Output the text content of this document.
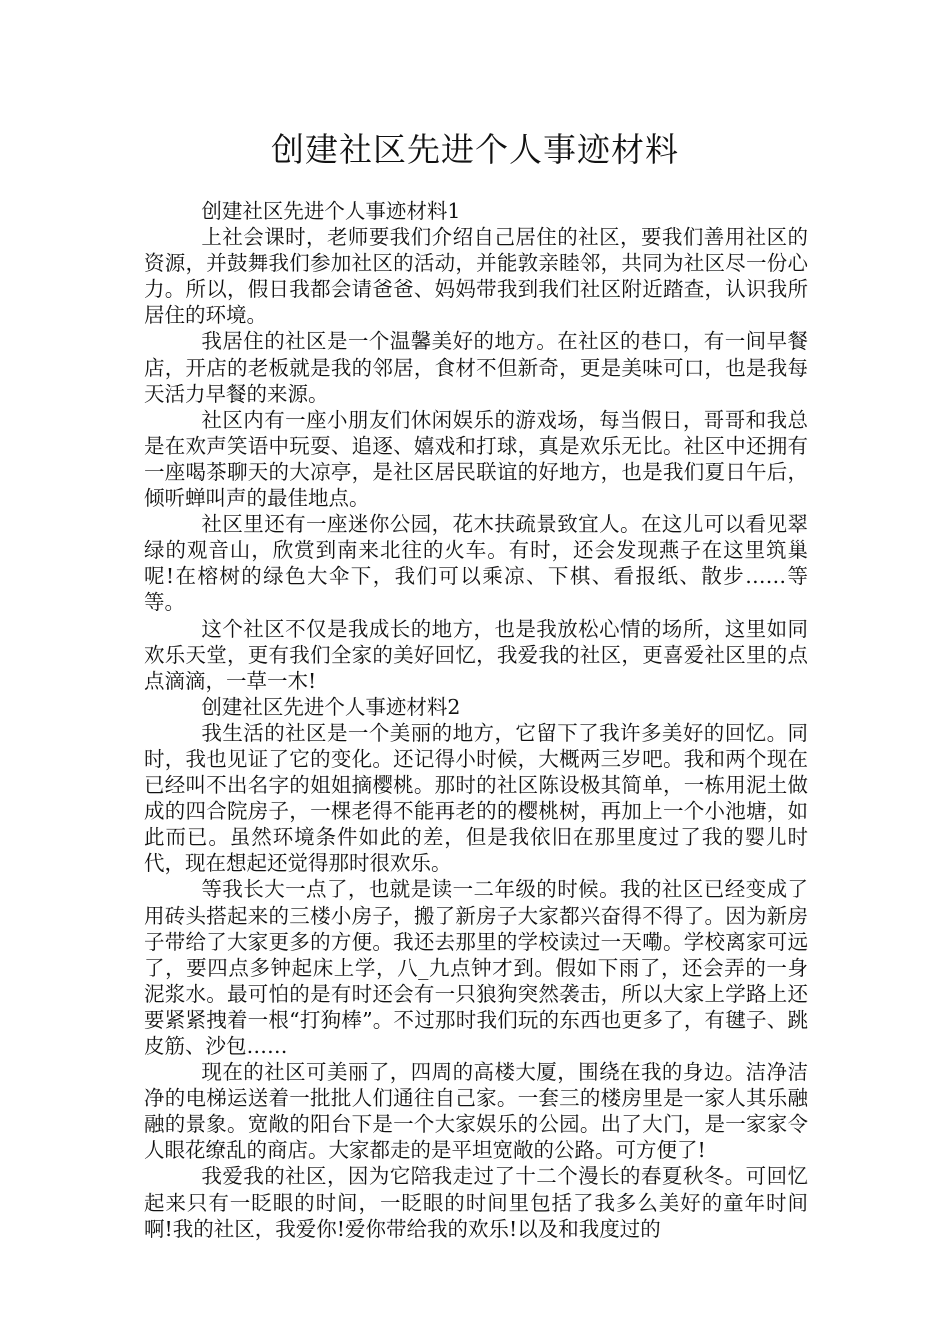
创建社区先进个人事迹材料

创建社区先进个人事迹材料1

上社会课时，老师要我们介绍自己居住的社区，要我们善用社区的资源，并鼓舞我们参加社区的活动，并能敦亲睦邻，共同为社区尽一份心力。所以，假日我都会请爸爸、妈妈带我到我们社区附近踏查，认识我所居住的环境。

我居住的社区是一个温馨美好的地方。在社区的巷口，有一间早餐店，开店的老板就是我的邻居，食材不但新奇，更是美味可口，也是我每天活力早餐的来源。

社区内有一座小朋友们休闲娱乐的游戏场，每当假日，哥哥和我总是在欢声笑语中玩耍、追逐、嬉戏和打球，真是欢乐无比。社区中还拥有一座喝茶聊天的大凉亭，是社区居民联谊的好地方，也是我们夏日午后，倾听蝉叫声的最佳地点。

社区里还有一座迷你公园，花木扶疏景致宜人。在这儿可以看见翠绿的观音山，欣赏到南来北往的火车。有时，还会发现燕子在这里筑巢呢!在榕树的绿色大伞下，我们可以乘凉、下棋、看报纸、散步……等等。

这个社区不仅是我成长的地方，也是我放松心情的场所，这里如同欢乐天堂，更有我们全家的美好回忆，我爱我的社区，更喜爱社区里的点点滴滴，一草一木!

创建社区先进个人事迹材料2

我生活的社区是一个美丽的地方，它留下了我许多美好的回忆。同时，我也见证了它的变化。还记得小时候，大概两三岁吧。我和两个现在已经叫不出名字的姐姐摘樱桃。那时的社区陈设极其简单，一栋用泥土做成的四合院房子，一棵老得不能再老的的樱桃树，再加上一个小池塘，如此而已。虽然环境条件如此的差，但是我依旧在那里度过了我的婴儿时代，现在想起还觉得那时很欢乐。

等我长大一点了，也就是读一二年级的时候。我的社区已经变成了用砖头搭起来的三楼小房子，搬了新房子大家都兴奋得不得了。因为新房子带给了大家更多的方便。我还去那里的学校读过一天嘞。学校离家可远了，要四点多钟起床上学，八_九点钟才到。假如下雨了，还会弄的一身泥浆水。最可怕的是有时还会有一只狼狗突然袭击，所以大家上学路上还要紧紧拽着一根“打狗棒”。不过那时我们玩的东西也更多了，有毽子、跳皮筋、沙包……

现在的社区可美丽了，四周的高楼大厦，围绕在我的身边。洁净洁净的电梯运送着一批批人们通往自己家。一套三的楼房里是一家人其乐融融的景象。宽敞的阳台下是一个大家娱乐的公园。出了大门，是一家家令人眼花缭乱的商店。大家都走的是平坦宽敞的公路。可方便了!

我爱我的社区，因为它陪我走过了十二个漫长的春夏秋冬。可回忆起来只有一眨眼的时间，一眨眼的时间里包括了我多么美好的童年时间啊!我的社区，我爱你!爱你带给我的欢乐!以及和我度过的
